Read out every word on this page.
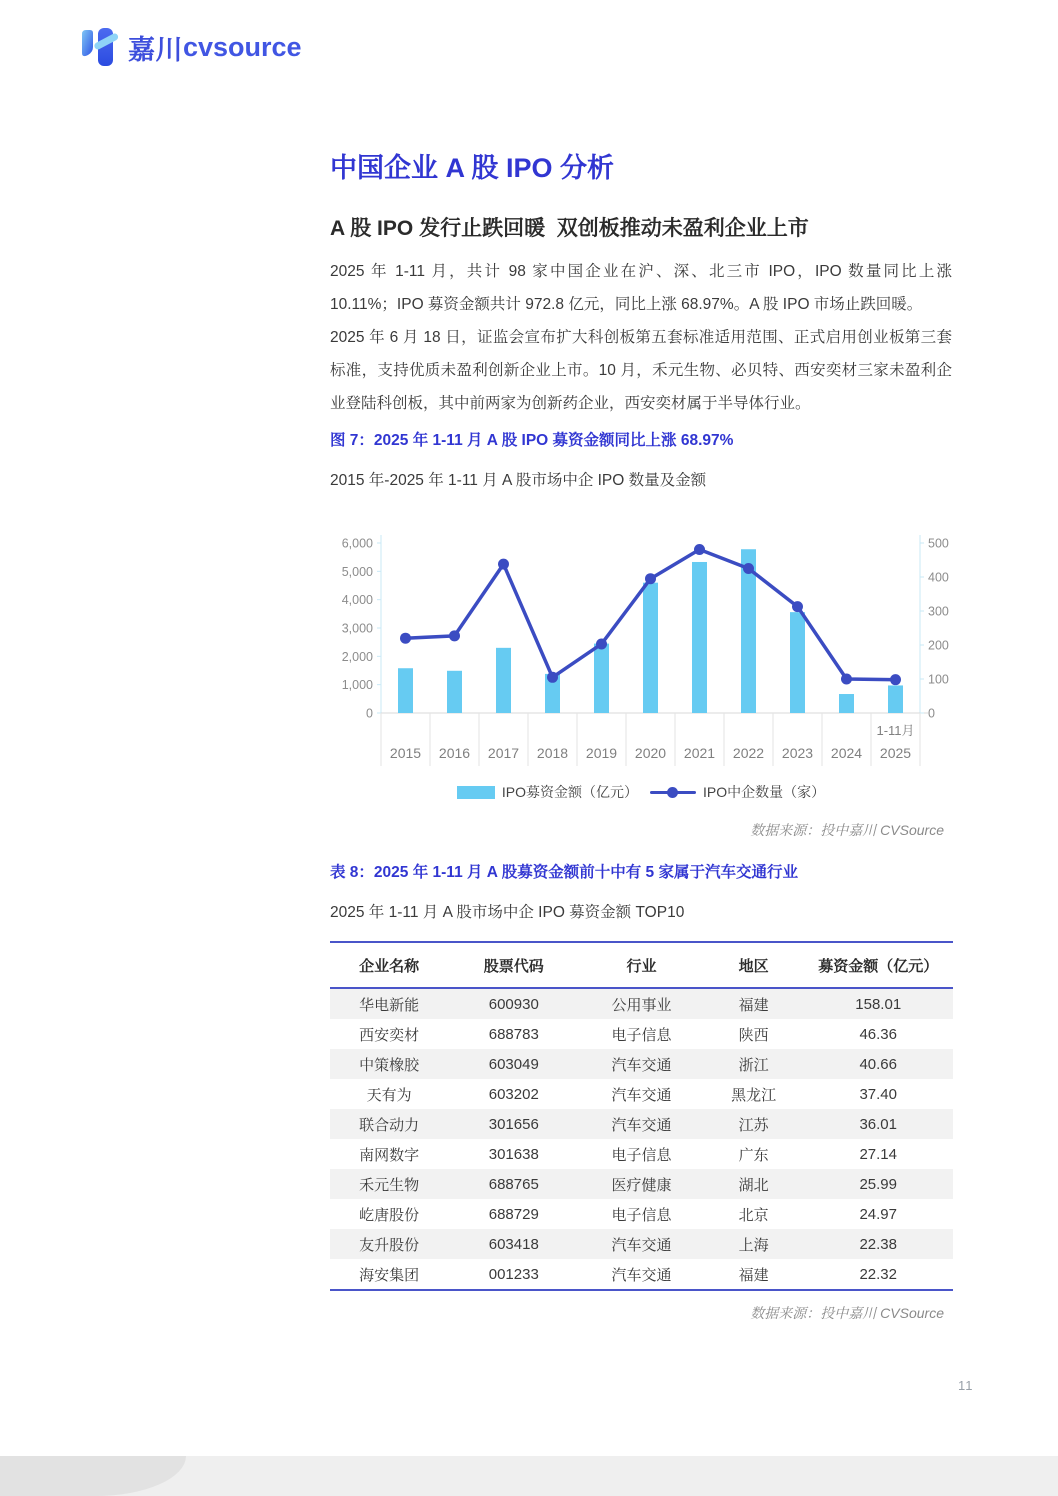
嘉川 cvsource
中国企业 A 股 IPO 分析
A 股 IPO 发行止跌回暖  双创板推动未盈利企业上市

2025 年 1-11 月，共计 98 家中国企业在沪、深、北三市 IPO，IPO 数量同比上涨 10.11%；IPO 募资金额共计 972.8 亿元，同比上涨 68.97%。A 股 IPO 市场止跌回暖。

2025 年 6 月 18 日，证监会宣布扩大科创板第五套标准适用范围、正式启用创业板第三套标准，支持优质未盈利创新企业上市。10 月，禾元生物、必贝特、西安奕材三家未盈利企业登陆科创板，其中前两家为创新药企业，西安奕材属于半导体行业。

图 7：2025 年 1-11 月 A 股 IPO 募资金额同比上涨 68.97%

2015 年-2025 年 1-11 月 A 股市场中企 IPO 数量及金额

0
1,000
2,000
3,000
4,000
5,000
6,000
0
100
200
300
400
500
2015 2016 2017 2018 2019 2020 2021 2022 2023 2024 2025
1-11月
IPO募资金额（亿元）	IPO中企数量（家）

数据来源：投中嘉川 CVSource

表 8：2025 年 1-11 月 A 股募资金额前十中有 5 家属于汽车交通行业

2025 年 1-11 月 A 股市场中企 IPO 募资金额 TOP10

企业名称	股票代码	行业	地区	募资金额（亿元）
华电新能	600930	公用事业	福建	158.01
西安奕材	688783	电子信息	陕西	46.36
中策橡胶	603049	汽车交通	浙江	40.66
天有为	603202	汽车交通	黑龙江	37.40
联合动力	301656	汽车交通	江苏	36.01
南网数字	301638	电子信息	广东	27.14
禾元生物	688765	医疗健康	湖北	25.99
屹唐股份	688729	电子信息	北京	24.97
友升股份	603418	汽车交通	上海	22.38
海安集团	001233	汽车交通	福建	22.32

数据来源：投中嘉川 CVSource

11
